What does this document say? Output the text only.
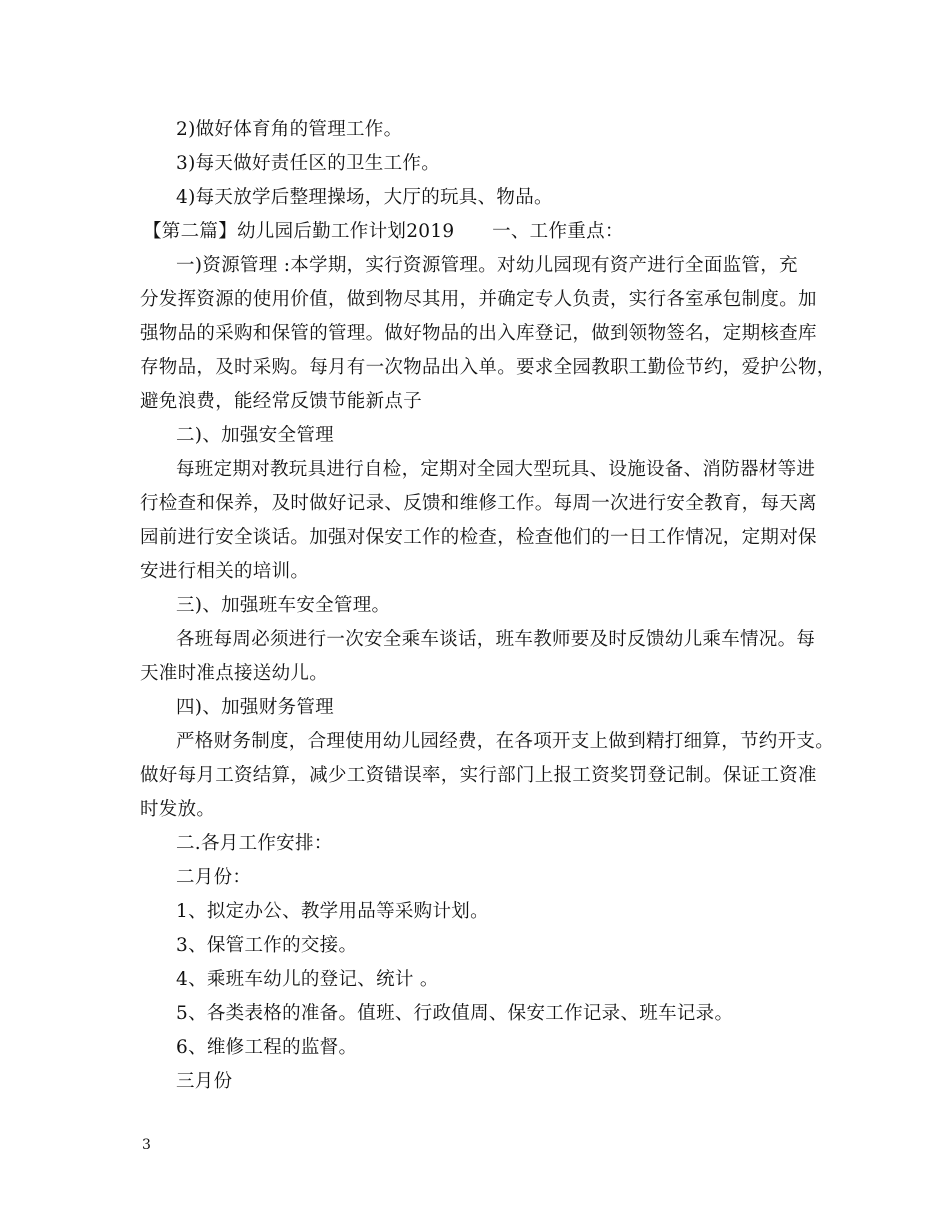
2)做好体育角的管理工作。
3)每天做好责任区的卫生工作。
4)每天放学后整理操场，大厅的玩具、物品。
【第二篇】幼儿园后勤工作计划2019　　一、工作重点：
一)资源管理 :本学期，实行资源管理。对幼儿园现有资产进行全面监管，充
分发挥资源的使用价值，做到物尽其用，并确定专人负责，实行各室承包制度。加
强物品的采购和保管的管理。做好物品的出入库登记，做到领物签名，定期核查库
存物品，及时采购。每月有一次物品出入单。要求全园教职工勤俭节约，爱护公物，
避免浪费，能经常反馈节能新点子
二)、加强安全管理
每班定期对教玩具进行自检，定期对全园大型玩具、设施设备、消防器材等进
行检查和保养，及时做好记录、反馈和维修工作。每周一次进行安全教育，每天离
园前进行安全谈话。加强对保安工作的检查，检查他们的一日工作情况，定期对保
安进行相关的培训。
三)、加强班车安全管理。
各班每周必须进行一次安全乘车谈话，班车教师要及时反馈幼儿乘车情况。每
天准时准点接送幼儿。
四)、加强财务管理
严格财务制度，合理使用幼儿园经费，在各项开支上做到精打细算，节约开支。
做好每月工资结算，减少工资错误率，实行部门上报工资奖罚登记制。保证工资准
时发放。
二.各月工作安排：
二月份：
1、拟定办公、教学用品等采购计划。
3、保管工作的交接。
4、乘班车幼儿的登记、统计 。
5、各类表格的准备。值班、行政值周、保安工作记录、班车记录。
6、维修工程的监督。
三月份
3
